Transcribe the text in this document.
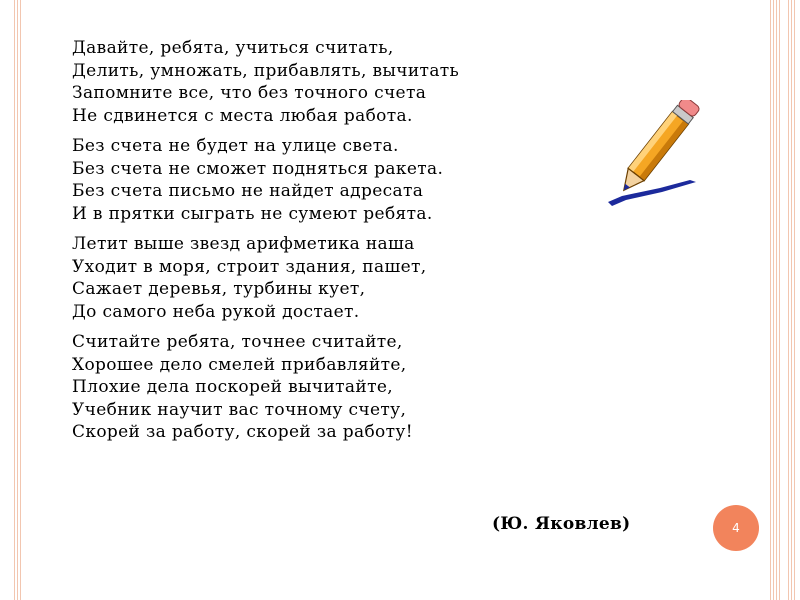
Давайте, ребята, учиться считать,
Делить, умножать, прибавлять, вычитать
Запомните все, что без точного счета
Не сдвинется с места любая работа.
Без счета не будет на улице света.
Без счета не сможет подняться ракета.
Без счета письмо не найдет адресата
И в прятки сыграть не сумеют ребята.
Летит выше звезд арифметика наша
Уходит в моря, строит здания, пашет,
Сажает деревья, турбины кует,
До самого неба рукой достает.
Считайте ребята, точнее считайте,
Хорошее дело смелей прибавляйте,
Плохие дела поскорей вычитайте,
Учебник научит вас точному счету,
Скорей за работу, скорей за работу!
(Ю. Яковлев)	4
